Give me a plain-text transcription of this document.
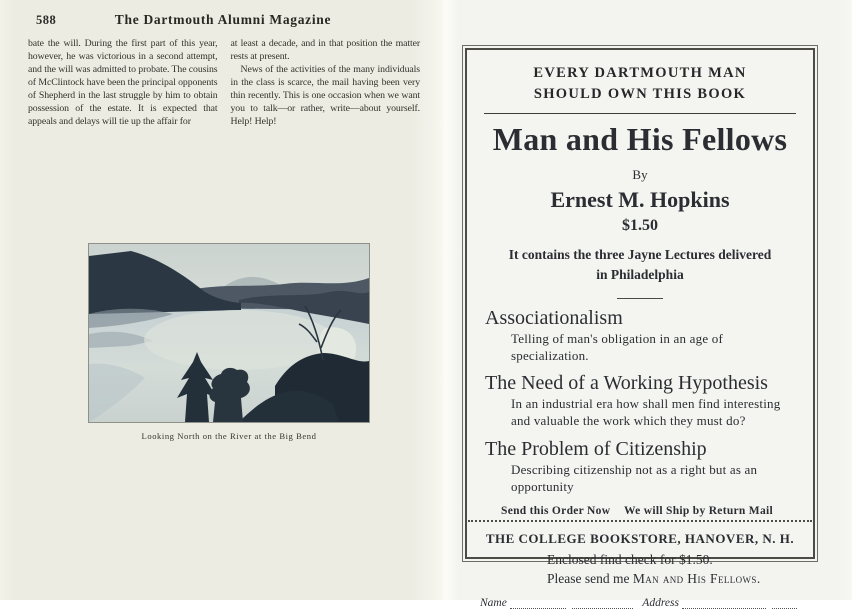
588	The Dartmouth Alumni Magazine

bate the will. During the first part of this year, however, he was victorious in a second attempt, and the will was admitted to probate. The cousins of McClintock have been the principal opponents of Shepherd in the last struggle by him to obtain possession of the estate. It is expected that appeals and delays will tie up the affair for

at least a decade, and in that position the matter rests at present.

News of the activities of the many individuals in the class is scarce, the mail having been very thin recently. This is one occasion when we want you to talk—or rather, write—about yourself. Help! Help!

Looking North on the River at the Big Bend
EVERY DARTMOUTH MAN
SHOULD OWN THIS BOOK
Man and His Fellows
By
Ernest M. Hopkins
$1.50
It contains the three Jayne Lectures delivered
in Philadelphia
Associationalism
Telling of man's obligation in an age of specialization.
The Need of a Working Hypothesis
In an industrial era how shall men find interesting and valuable the work which they must do?
The Problem of Citizenship
Describing citizenship not as a right but as an opportunity
Send this Order Now We will Ship by Return Mail
THE COLLEGE BOOKSTORE, HANOVER, N. H.
Enclosed find check for $1.50.
Please send me Man and His Fellows.
Name	Address
